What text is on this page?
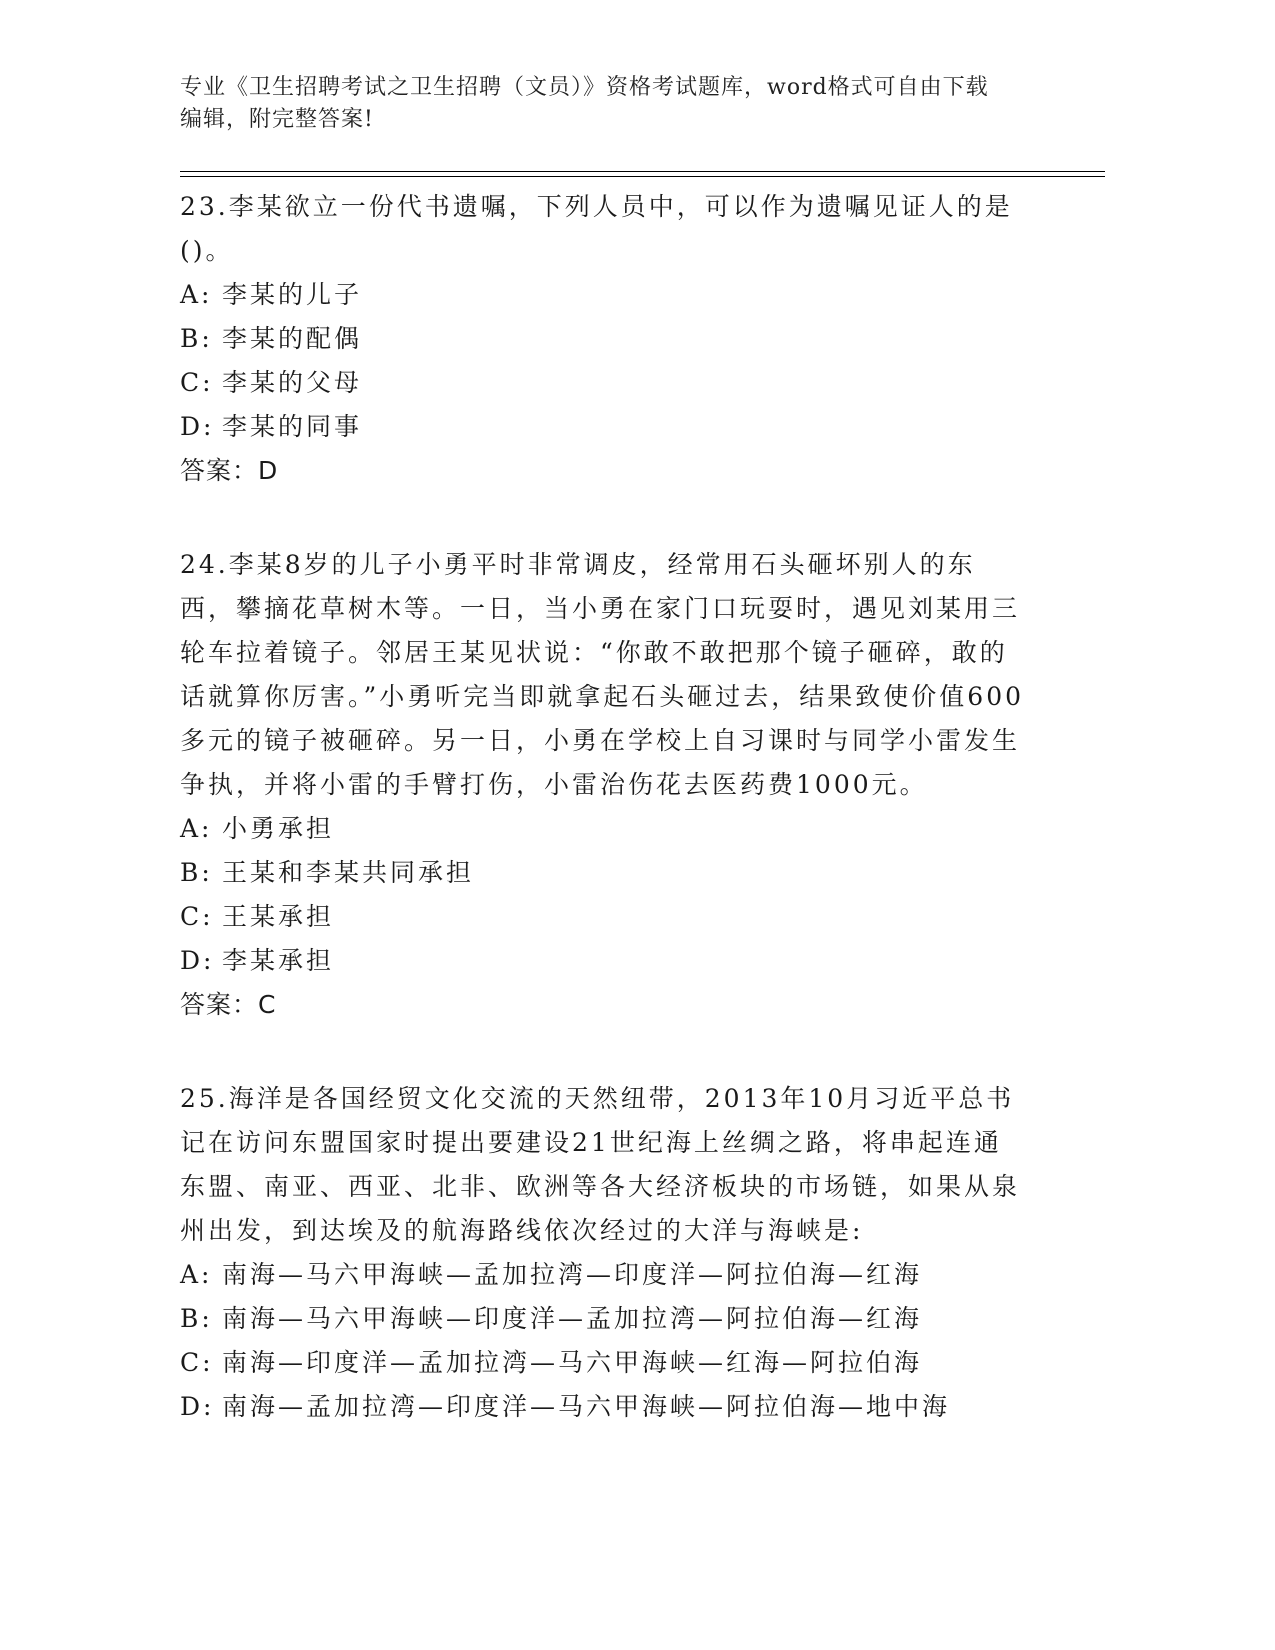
专业《卫生招聘考试之卫生招聘（文员）》资格考试题库，word格式可自由下载
编辑，附完整答案!
23.李某欲立一份代书遗嘱，下列人员中，可以作为遗嘱见证人的是()。
A: 李某的儿子
B: 李某的配偶
C: 李某的父母
D: 李某的同事
答案：D
24.李某8岁的儿子小勇平时非常调皮，经常用石头砸坏别人的东西，攀摘花草树木等。一日，当小勇在家门口玩耍时，遇见刘某用三轮车拉着镜子。邻居王某见状说：“你敢不敢把那个镜子砸碎，敢的话就算你厉害。”小勇听完当即就拿起石头砸过去，结果致使价值600多元的镜子被砸碎。另一日，小勇在学校上自习课时与同学小雷发生争执，并将小雷的手臂打伤，小雷治伤花去医药费1000元。
A: 小勇承担
B: 王某和李某共同承担
C: 王某承担
D: 李某承担
答案：C
25.海洋是各国经贸文化交流的天然纽带，2013年10月习近平总书记在访问东盟国家时提出要建设21世纪海上丝绸之路，将串起连通东盟、南亚、西亚、北非、欧洲等各大经济板块的市场链，如果从泉州出发，到达埃及的航海路线依次经过的大洋与海峡是:
A: 南海—马六甲海峡—孟加拉湾—印度洋—阿拉伯海—红海
B: 南海—马六甲海峡—印度洋—孟加拉湾—阿拉伯海—红海
C: 南海—印度洋—孟加拉湾—马六甲海峡—红海—阿拉伯海
D: 南海—孟加拉湾—印度洋—马六甲海峡—阿拉伯海—地中海
